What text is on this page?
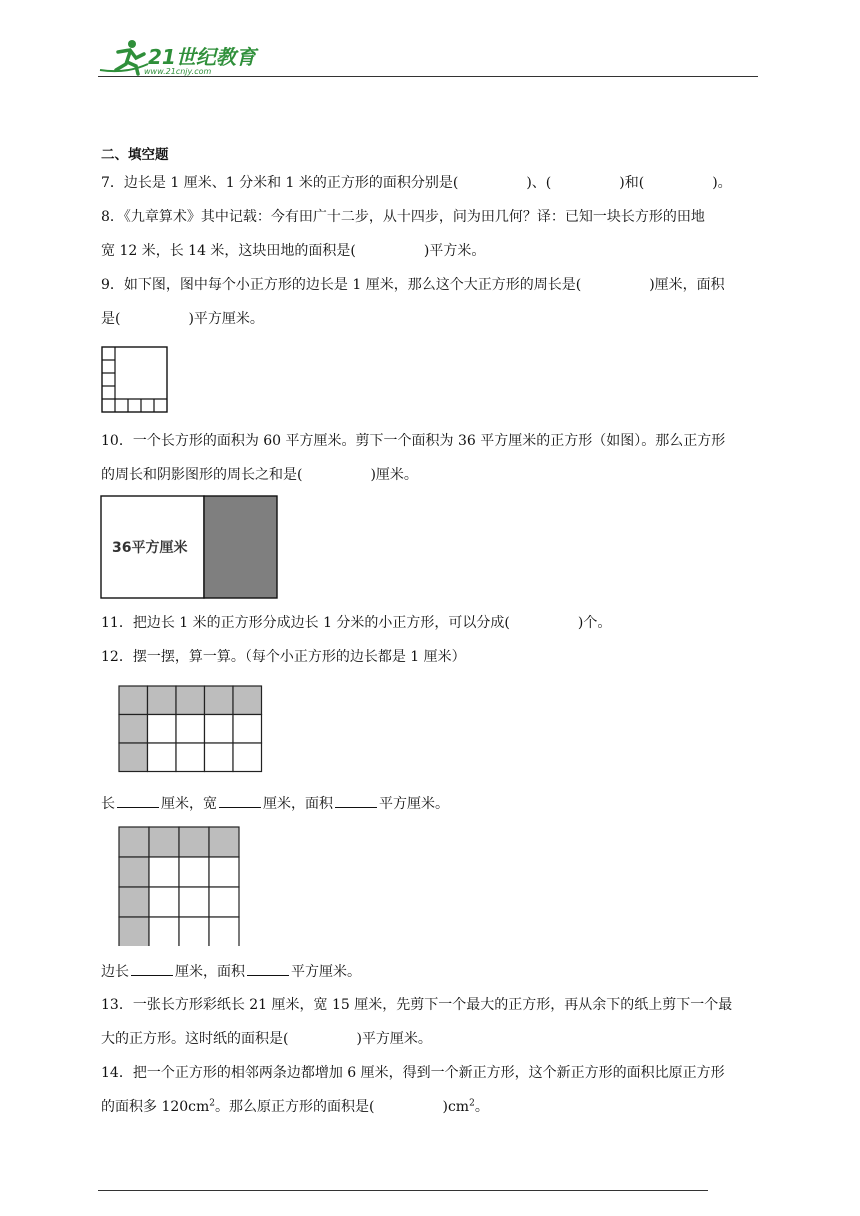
21世纪教育
www.21cnjy.com
二、填空题
7．边长是 1 厘米、1 分米和 1 米的正方形的面积分别是(	)、(	)和(	)。
8．《九章算术》其中记载：今有田广十二步，从十四步，问为田几何？译：已知一块长方形的田地
宽 12 米，长 14 米，这块田地的面积是(	)平方米。
9．如下图，图中每个小正方形的边长是 1 厘米，那么这个大正方形的周长是(	)厘米，面积
是(	)平方厘米。
10．一个长方形的面积为 60 平方厘米。剪下一个面积为 36 平方厘米的正方形（如图）。那么正方形
的周长和阴影图形的周长之和是(	)厘米。
36平方厘米
11．把边长 1 米的正方形分成边长 1 分米的小正方形，可以分成(	)个。
12．摆一摆，算一算。（每个小正方形的边长都是 1 厘米）
长	厘米，宽	厘米，面积	平方厘米。
边长	厘米，面积	平方厘米。
13．一张长方形彩纸长 21 厘米，宽 15 厘米，先剪下一个最大的正方形，再从余下的纸上剪下一个最
大的正方形。这时纸的面积是(	)平方厘米。
14．把一个正方形的相邻两条边都增加 6 厘米，得到一个新正方形，这个新正方形的面积比原正方形
的面积多 $120cm^2$。那么原正方形的面积是(	)$cm^2$。
